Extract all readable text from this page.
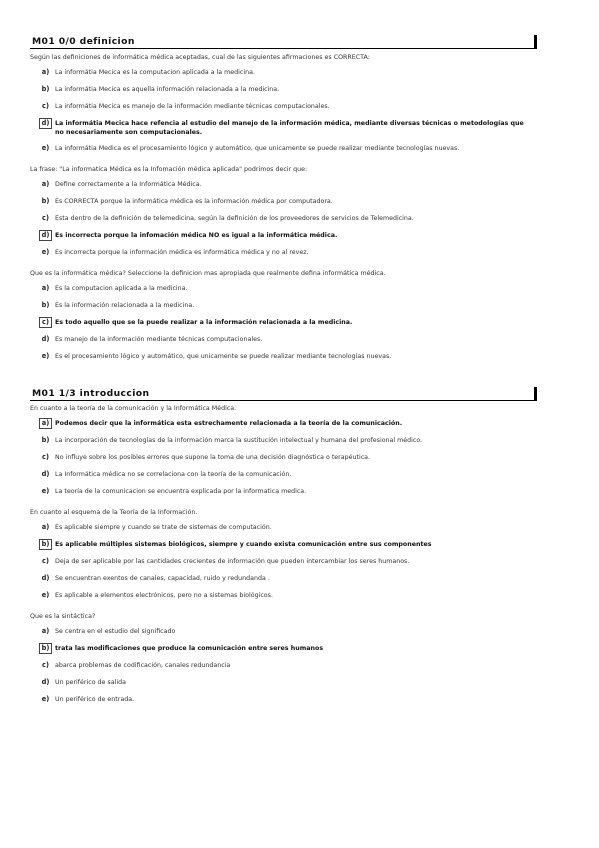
M01 0/0 definicion
Según las definiciones de informática médica aceptadas, cual de las siguientes afirmaciones es CORRECTA:
a) La informátia Mecica es la computacion aplicada a la medicina.
b) La informátia Mecica es aquella información relacionada a la medicina.
c) La informátia Mecica es manejo de la información mediante técnicas computacionales.
d) La informátia Mecica hace refencia al estudio del manejo de la información médica, mediante diversas técnicas o metodologías que no necesariamente son computacionales.
e) La informátia Medica es el procesamiento lógico y automático, que unicamente se puede realizar mediante tecnologías nuevas.
La frase: "La informatica Médica es la Infomación médica aplicada" podrimos decir que:
a) Define correctamente a la Informática Médica.
b) Es CORRECTA porque la informática médica es la información médica por computadora.
c) Esta dentro de la definición de telemedicina, según la definición de los proveedores de servicios de Telemedicina.
d) Es incorrecta porque la infomación médica NO es igual a la informática médica.
e) Es incorrecta porque la información médica es informática médica y no al revez.
Que es la informática médica? Seleccione la definicion mas apropiada que realmente defina informática médica.
a) Es la computacion aplicada a la medicina.
b) Es la información relacionada a la medicina.
c) Es todo aquello que se la puede realizar a la información relacionada a la medicina.
d) Es manejo de la información mediante técnicas computacionales.
e) Es el procesamiento lógico y automático, que unicamente se puede realizar mediante tecnologías nuevas.
M01 1/3 introduccion
En cuanto a la teoría de la comunicación y la Informática Médica.
a) Podemos decir que la informática esta estrechamente relacionada a la teoría de la comunicación.
b) La incorporación de tecnologías de la información marca la sustitución intelectual y humana del profesional médico.
c) No influye sobre los posibles errores que supone la toma de una decisión diagnóstica o terapéutica.
d) La Informática médica no se correlaciona con la teoría de la comunicación.
e) La teoría de la comunicacion se encuentra explicada por la informatica medica.
En cuanto al esquema de la Teoría de la Información.
a) Es aplicable siempre y cuando se trate de sistemas de computación.
b) Es aplicable múltiples sistemas biológicos, siempre y cuando exista comunicación entre sus componentes
c) Deja de ser aplicable por las cantidades crecientes de información que pueden intercambiar los seres humanos.
d) Se encuentran exentos de canales, capacidad, ruido y redundanda .
e) Es aplicable a elementos electrónicos, pero no a sistemas biológicos.
Que es la sintáctica?
a) Se centra en el estudio del significado
b) trata las modificaciones que produce la comunicación entre seres humanos
c) abarca problemas de codificación, canales redundancia
d) Un periférico de salida
e) Un periférico de entrada.
